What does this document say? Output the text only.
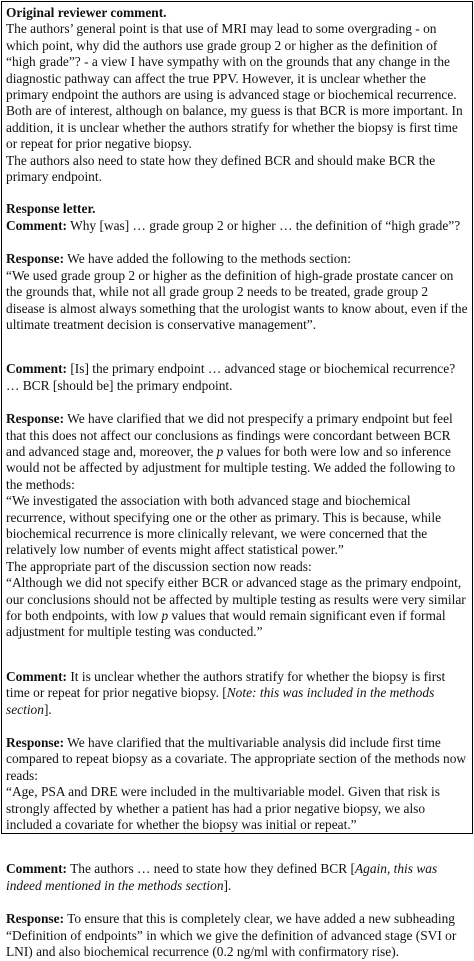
Original reviewer comment.

The authors’ general point is that use of MRI may lead to some overgrading - on which point, why did the authors use grade group 2 or higher as the definition of “high grade”? - a view I have sympathy with on the grounds that any change in the diagnostic pathway can affect the true PPV. However, it is unclear whether the primary endpoint the authors are using is advanced stage or biochemical recurrence. Both are of interest, although on balance, my guess is that BCR is more important. In addition, it is unclear whether the authors stratify for whether the biopsy is first time or repeat for prior negative biopsy.

The authors also need to state how they defined BCR and should make BCR the primary endpoint.

Response letter.

Comment: Why [was] … grade group 2 or higher … the definition of “high grade”?

Response: We have added the following to the methods section:

“We used grade group 2 or higher as the definition of high-grade prostate cancer on the grounds that, while not all grade group 2 needs to be treated, grade group 2 disease is almost always something that the urologist wants to know about, even if the ultimate treatment decision is conservative management”.

Comment: [Is] the primary endpoint … advanced stage or biochemical recurrence? … BCR [should be] the primary endpoint.

Response: We have clarified that we did not prespecify a primary endpoint but feel that this does not affect our conclusions as findings were concordant between BCR and advanced stage and, moreover, the p values for both were low and so inference would not be affected by adjustment for multiple testing. We added the following to the methods:

“We investigated the association with both advanced stage and biochemical recurrence, without specifying one or the other as primary. This is because, while biochemical recurrence is more clinically relevant, we were concerned that the relatively low number of events might affect statistical power.”

The appropriate part of the discussion section now reads:

“Although we did not specify either BCR or advanced stage as the primary endpoint, our conclusions should not be affected by multiple testing as results were very similar for both endpoints, with low p values that would remain significant even if formal adjustment for multiple testing was conducted.”

Comment: It is unclear whether the authors stratify for whether the biopsy is first time or repeat for prior negative biopsy. [Note: this was included in the methods section].

Response: We have clarified that the multivariable analysis did include first time compared to repeat biopsy as a covariate. The appropriate section of the methods now reads:

“Age, PSA and DRE were included in the multivariable model. Given that risk is strongly affected by whether a patient has had a prior negative biopsy, we also included a covariate for whether the biopsy was initial or repeat.”

Comment: The authors … need to state how they defined BCR [Again, this was indeed mentioned in the methods section].

Response: To ensure that this is completely clear, we have added a new subheading “Definition of endpoints” in which we give the definition of advanced stage (SVI or LNI) and also biochemical recurrence (0.2 ng/ml with confirmatory rise).
